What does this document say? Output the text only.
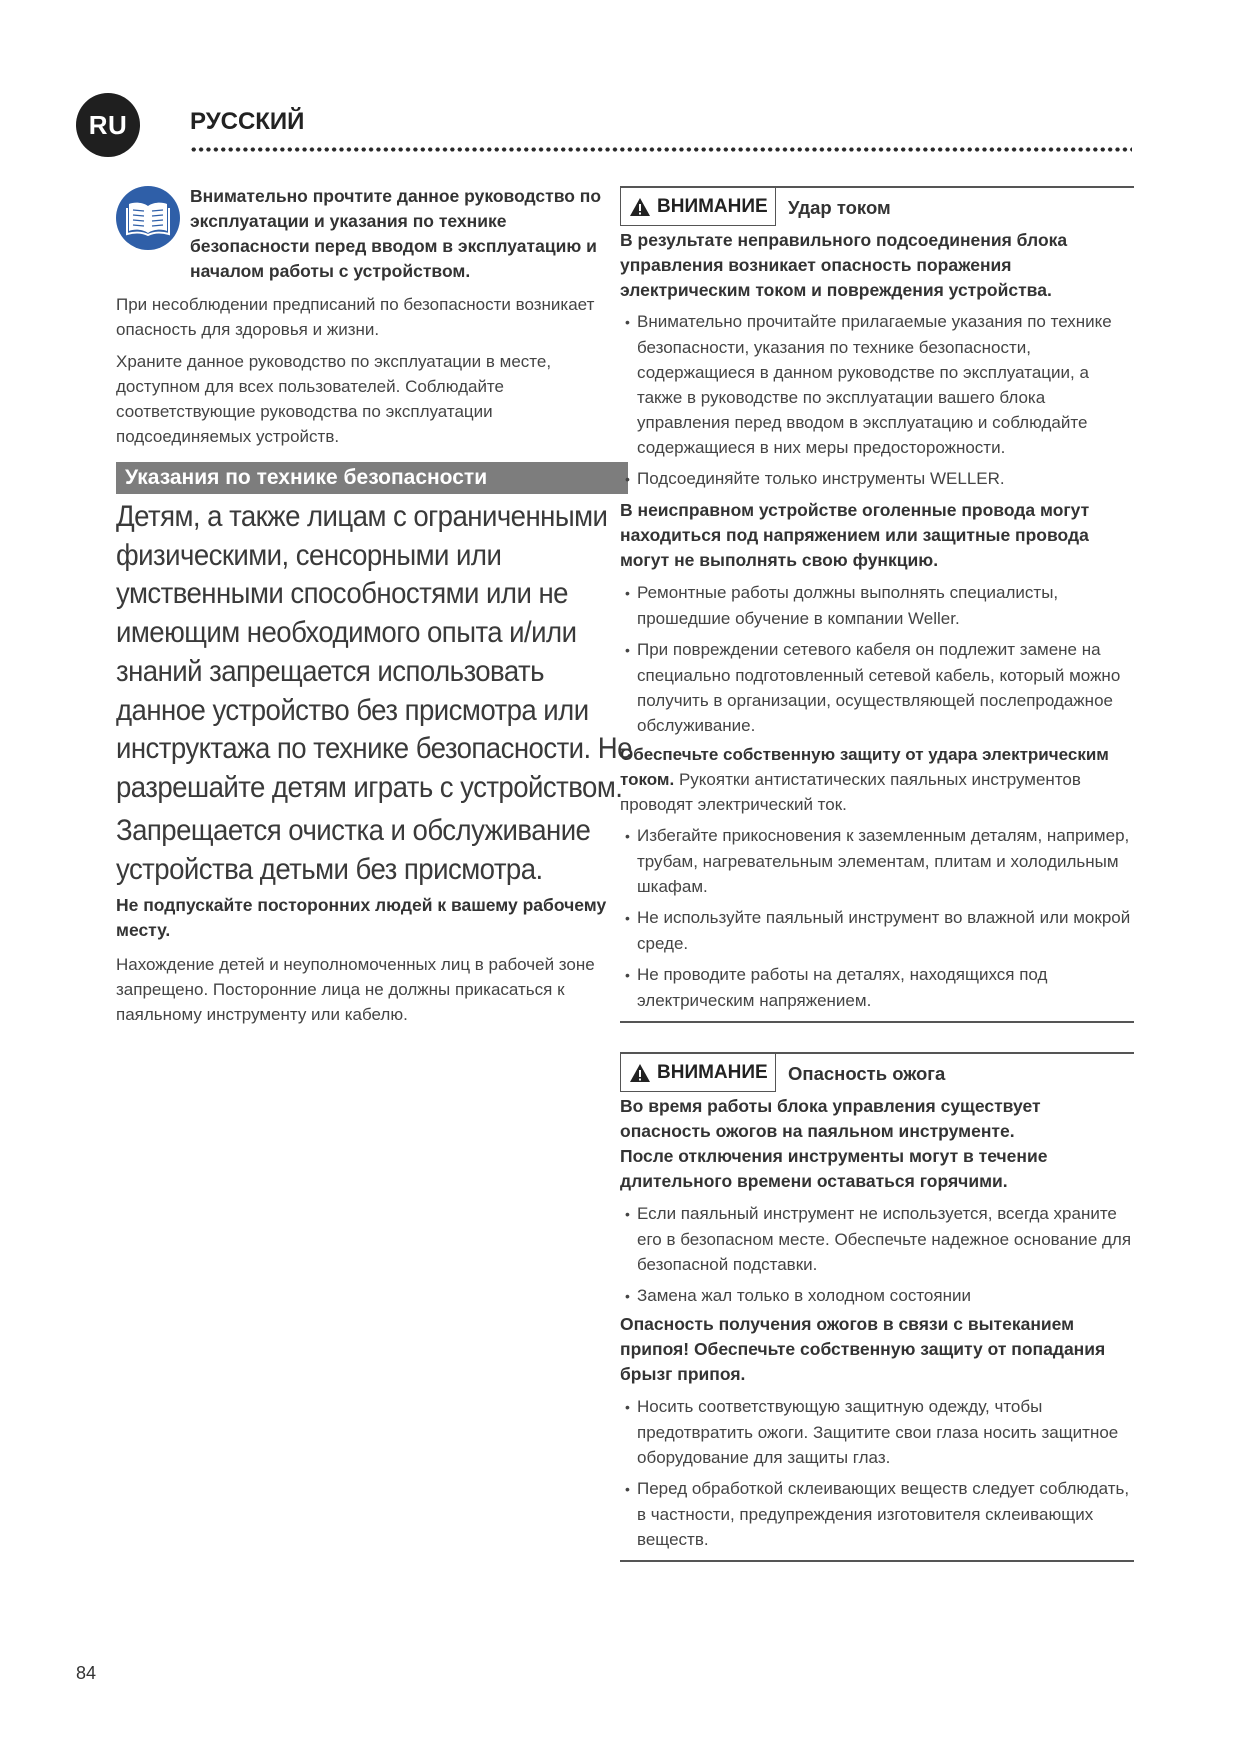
RU	РУССКИЙ
Внимательно прочтите данное руководство по эксплуатации и указания по технике безопасности перед вводом в эксплуатацию и началом работы с устройством.
При несоблюдении предписаний по безопасности возникает опасность для здоровья и жизни.
Храните данное руководство по эксплуатации в месте, доступном для всех пользователей. Соблюдайте соответствующие руководства по эксплуатации подсоединяемых устройств.
Указания по технике безопасности
Детям, а также лицам с ограниченными
физическими, сенсорными или
умственными способностями или не
имеющим необходимого опыта и/или
знаний запрещается использовать
данное устройство без присмотра или
инструктажа по технике безопасности. Не
разрешайте детям играть с устройством.
Запрещается очистка и обслуживание
устройства детьми без присмотра.
Не подпускайте посторонних людей к вашему рабочему месту.
Нахождение детей и неуполномоченных лиц в рабочей зоне запрещено. Посторонние лица не должны прикасаться к паяльному инструменту или кабелю.
ВНИМАНИЕ Удар током

В результате неправильного подсоединения блока управления возникает опасность поражения электрическим током и повреждения устройства.

• Внимательно прочитайте прилагаемые указания по технике безопасности, указания по технике безопасности, содержащиеся в данном руководстве по эксплуатации, а также в руководстве по эксплуатации вашего блока управления перед вводом в эксплуатацию и соблюдайте содержащиеся в них меры предосторожности.

• Подсоединяйте только инструменты WELLER.

В неисправном устройстве оголенные провода могут находиться под напряжением или защитные провода могут не выполнять свою функцию.

• Ремонтные работы должны выполнять специалисты, прошедшие обучение в компании Weller.

• При повреждении сетевого кабеля он подлежит замене на специально подготовленный сетевой кабель, который можно получить в организации, осуществляющей послепродажное обслуживание.

Обеспечьте собственную защиту от удара электрическим током. Рукоятки антистатических паяльных инструментов проводят электрический ток.

• Избегайте прикосновения к заземленным деталям, например, трубам, нагревательным элементам, плитам и холодильным шкафам.

• Не используйте паяльный инструмент во влажной или мокрой среде.

• Не проводите работы на деталях, находящихся под электрическим напряжением.

ВНИМАНИЕ Опасность ожога

Во время работы блока управления существует опасность ожогов на паяльном инструменте.

После отключения инструменты могут в течение длительного времени оставаться горячими.

• Если паяльный инструмент не используется, всегда храните его в безопасном месте. Обеспечьте надежное основание для безопасной подставки.

• Замена жал только в холодном состоянии

Опасность получения ожогов в связи с вытеканием припоя! Обеспечьте собственную защиту от попадания брызг припоя.

• Носить соответствующую защитную одежду, чтобы предотвратить ожоги. Защитите свои глаза носить защитное оборудование для защиты глаз.

• Перед обработкой склеивающих веществ следует соблюдать, в частности, предупреждения изготовителя склеивающих веществ.

84
